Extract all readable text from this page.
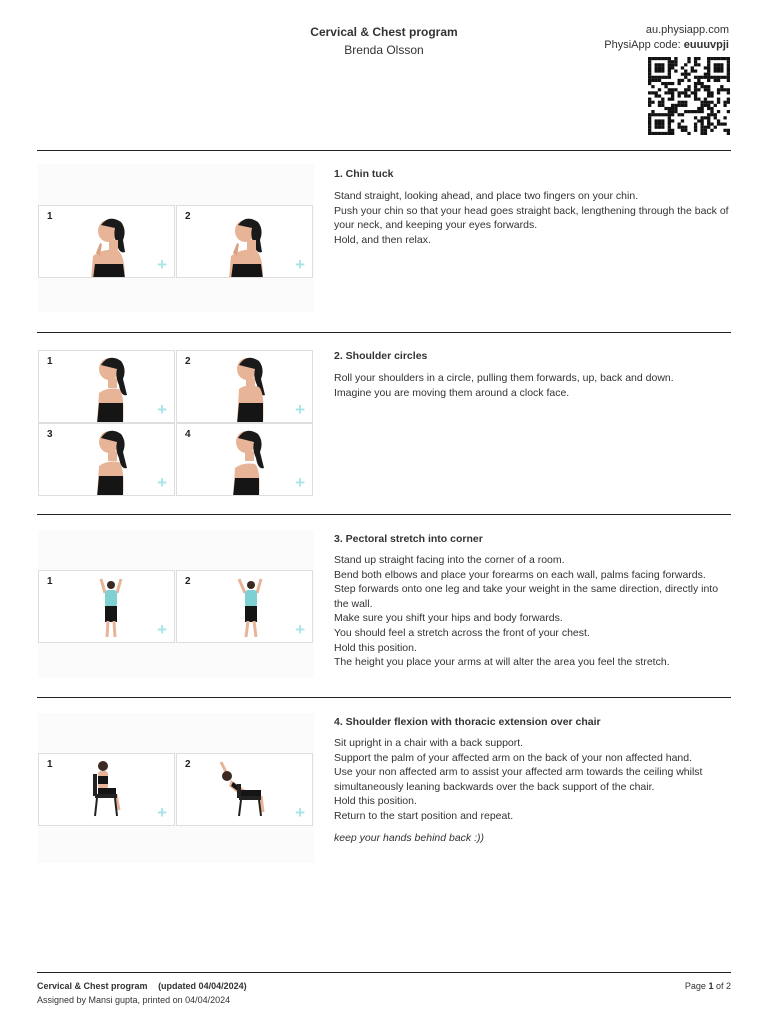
Cervical & Chest program
Brenda Olsson
au.physiapp.com
PhysiApp code: euuuvpji
1
+
2
+
1. Chin tuck
Stand straight, looking ahead, and place two fingers on your chin.
Push your chin so that your head goes straight back, lengthening through the back of your neck, and keeping your eyes forwards.
Hold, and then relax.
1
+
2
+
3
+
4
+
2. Shoulder circles
Roll your shoulders in a circle, pulling them forwards, up, back and down.
Imagine you are moving them around a clock face.
1
+
2
+
3. Pectoral stretch into corner
Stand up straight facing into the corner of a room.
Bend both elbows and place your forearms on each wall, palms facing forwards.
Step forwards onto one leg and take your weight in the same direction, directly into the wall.
Make sure you shift your hips and body forwards.
You should feel a stretch across the front of your chest.
Hold this position.
The height you place your arms at will alter the area you feel the stretch.
1
+
2
+
4. Shoulder flexion with thoracic extension over chair
Sit upright in a chair with a back support.
Support the palm of your affected arm on the back of your non affected hand.
Use your non affected arm to assist your affected arm towards the ceiling whilst simultaneously leaning backwards over the back support of the chair.
Hold this position.
Return to the start position and repeat.
keep your hands behind back :))
Cervical & Chest program (updated 04/04/2024)
Assigned by Mansi gupta, printed on 04/04/2024
Page 1 of 2
